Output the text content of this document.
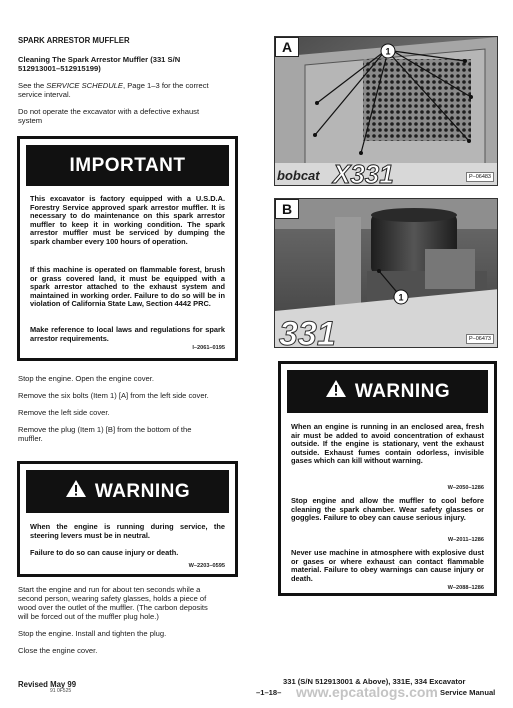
SPARK ARRESTOR MUFFLER
Cleaning The Spark Arrestor Muffler (331 S/N
512913001–512915199)
See the SERVICE SCHEDULE, Page 1–3 for the correct
service interval.
Do not operate the excavator with a defective exhaust
system
IMPORTANT
This excavator is factory equipped with a U.S.D.A. Forestry Service approved spark arrestor muffler. It is necessary to do maintenance on this spark arrestor muffler to keep it in working condition. The spark arrestor muffler must be serviced by dumping the spark chamber every 100 hours of operation.
If this machine is operated on flammable forest, brush or grass covered land, it must be equipped with a spark arrestor attached to the exhaust system and maintained in working order. Failure to do so will be in violation of California State Law, Section 4442 PRC.
Make reference to local laws and regulations for spark arrestor requirements.
I–2061–0195
Stop the engine. Open the engine cover.
Remove the six bolts (Item 1) [A] from the left side cover.
Remove the left side cover.
Remove the plug (Item 1) [B] from the bottom of the
muffler.
WARNING
When the engine is running during service, the steering levers must be in neutral.
Failure to do so can cause injury or death.
W–2203–0595
Start the engine and run for about ten seconds while a
second person, wearing safety glasses, holds a piece of
wood over the outlet of the muffler. (The carbon deposits
will be forced out of the muffler plug hole.)
Stop the engine. Install and tighten the plug.
Close the engine cover.
1
bobcat X331
A
P–06483
1
331
B
P–06473
WARNING
When an engine is running in an enclosed area, fresh air must be added to avoid concentration of exhaust outside. If the engine is stationary, vent the exhaust outside. Exhaust fumes contain odorless, invisible gases which can kill without warning.
W–2050–1286
Stop engine and allow the muffler to cool before cleaning the spark chamber. Wear safety glasses or goggles. Failure to obey can cause serious injury.
W–2011–1286
Never use machine in atmosphere with explosive dust or gases or where exhaust can contact flammable material. Failure to obey warnings can cause injury or death.
W–2088–1286
Revised May 99
91 0F525	–1–18–
331 (S/N 512913001 & Above), 331E, 334 Excavator
www.epcatalogs.com Service Manual
